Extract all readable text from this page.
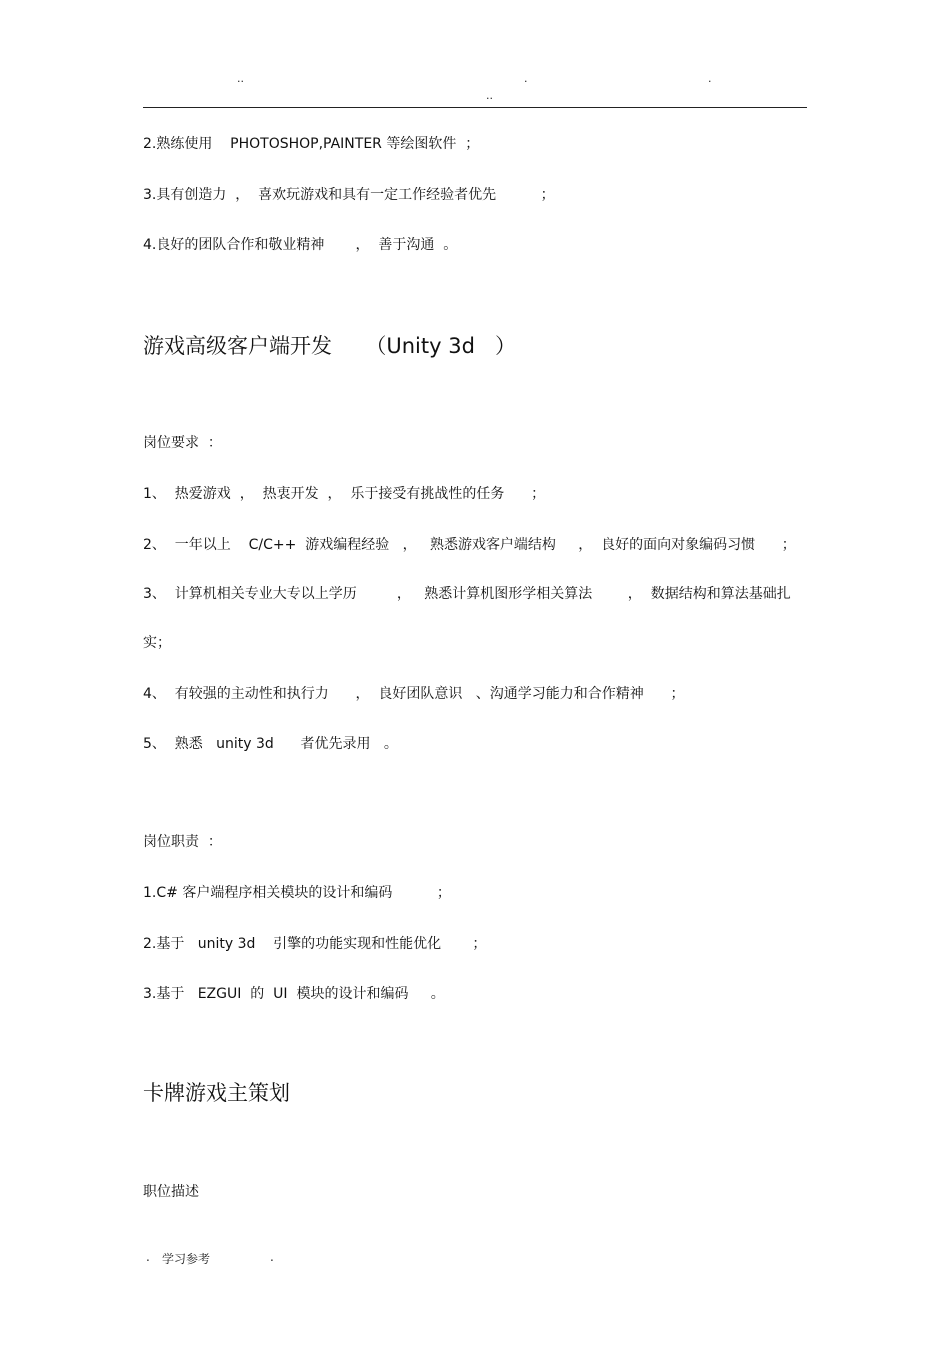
..	.	.
..
2.熟练使用    PHOTOSHOP,PAINTER 等绘图软件  ；
3.具有创造力  ，  喜欢玩游戏和具有一定工作经验者优先          ；
4.良好的团队合作和敬业精神       ，  善于沟通  。
游戏高级客户端开发     （Unity 3d   ）
岗位要求  ：
1、  热爱游戏  ，  热衷开发  ，  乐于接受有挑战性的任务      ；
2、  一年以上    C/C++  游戏编程经验   ，   熟悉游戏客户端结构     ，  良好的面向对象编码习惯      ；
3、  计算机相关专业大专以上学历         ，   熟悉计算机图形学相关算法        ，  数据结构和算法基础扎
实；
4、  有较强的主动性和执行力      ，  良好团队意识   、沟通学习能力和合作精神      ；
5、  熟悉   unity 3d      者优先录用   。
岗位职责  ：
1.C# 客户端程序相关模块的设计和编码          ；
2.基于   unity 3d    引擎的功能实现和性能优化       ；
3.基于   EZGUI  的  UI  模块的设计和编码     。
卡牌游戏主策划
职位描述
. 学习参考	.
